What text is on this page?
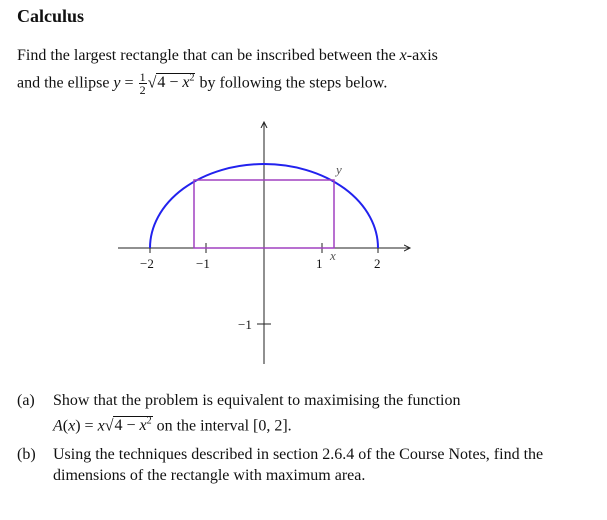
Calculus
Find the largest rectangle that can be inscribed between the x-axis
and the ellipse $y = \frac{1}{2} √4 - x^2$ by following the steps below.
−2	−1	1	2
−1
x
y
(a) Show that the problem is equivalent to maximising the function
$A(x) = x√4 - x^2$ on the interval [0, 2].
(b) Using the techniques described in section 2.6.4 of the Course Notes, find the dimensions of the rectangle with maximum area.
